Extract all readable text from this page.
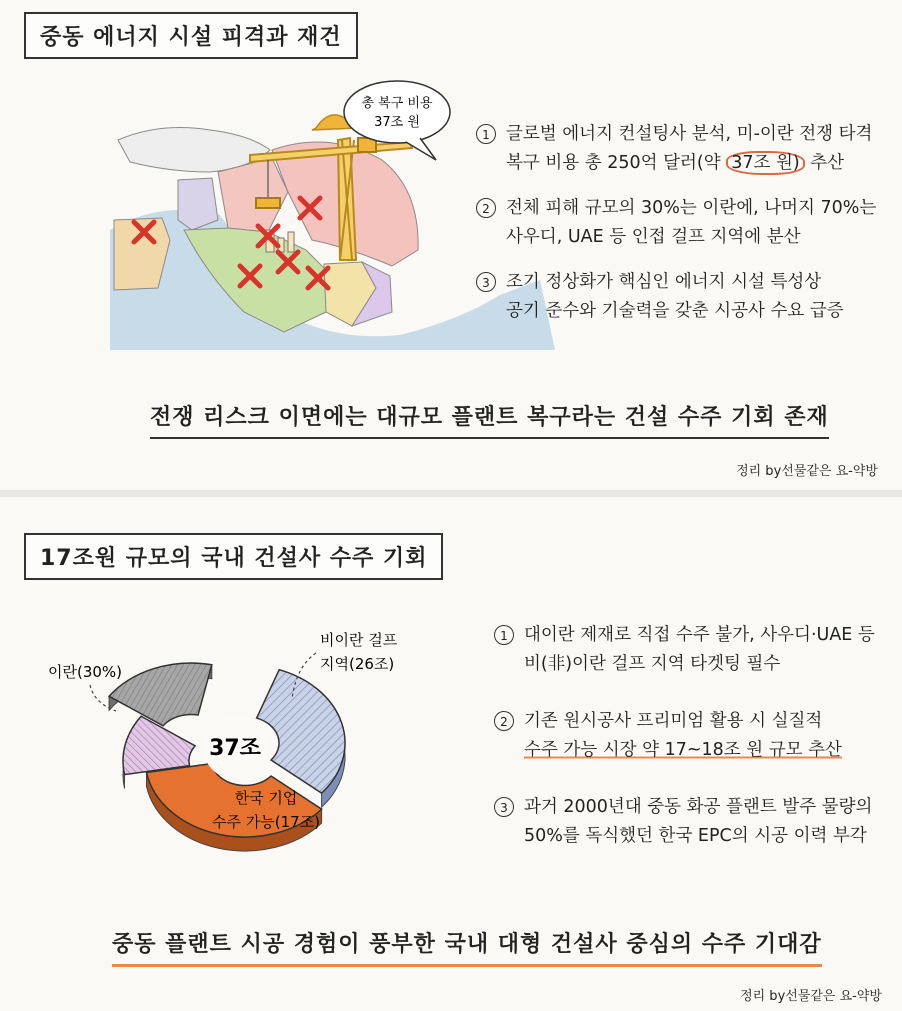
중동 에너지 시설 피격과 재건
총 복구 비용
37조 원
1 글로벌 에너지 컨설팅사 분석, 미-이란 전쟁 타격
복구 비용 총 250억 달러(약 37조 원) 추산
2 전체 피해 규모의 30%는 이란에, 나머지 70%는
사우디, UAE 등 인접 걸프 지역에 분산
3 조기 정상화가 핵심인 에너지 시설 특성상
공기 준수와 기술력을 갖춘 시공사 수요 급증
전쟁 리스크 이면에는 대규모 플랜트 복구라는 건설 수주 기회 존재
정리 by선물같은 요-약방
17조원 규모의 국내 건설사 수주 기회
37조
이란(30%)
비이란 걸프
지역(26조)
한국 기업
수주 가능(17조)
1 대이란 제재로 직접 수주 불가, 사우디·UAE 등
비(非)이란 걸프 지역 타겟팅 필수
2 기존 원시공사 프리미엄 활용 시 실질적
수주 가능 시장 약 17~18조 원 규모 추산
3 과거 2000년대 중동 화공 플랜트 발주 물량의
50%를 독식했던 한국 EPC의 시공 이력 부각
중동 플랜트 시공 경험이 풍부한 국내 대형 건설사 중심의 수주 기대감
정리 by선물같은 요-약방
